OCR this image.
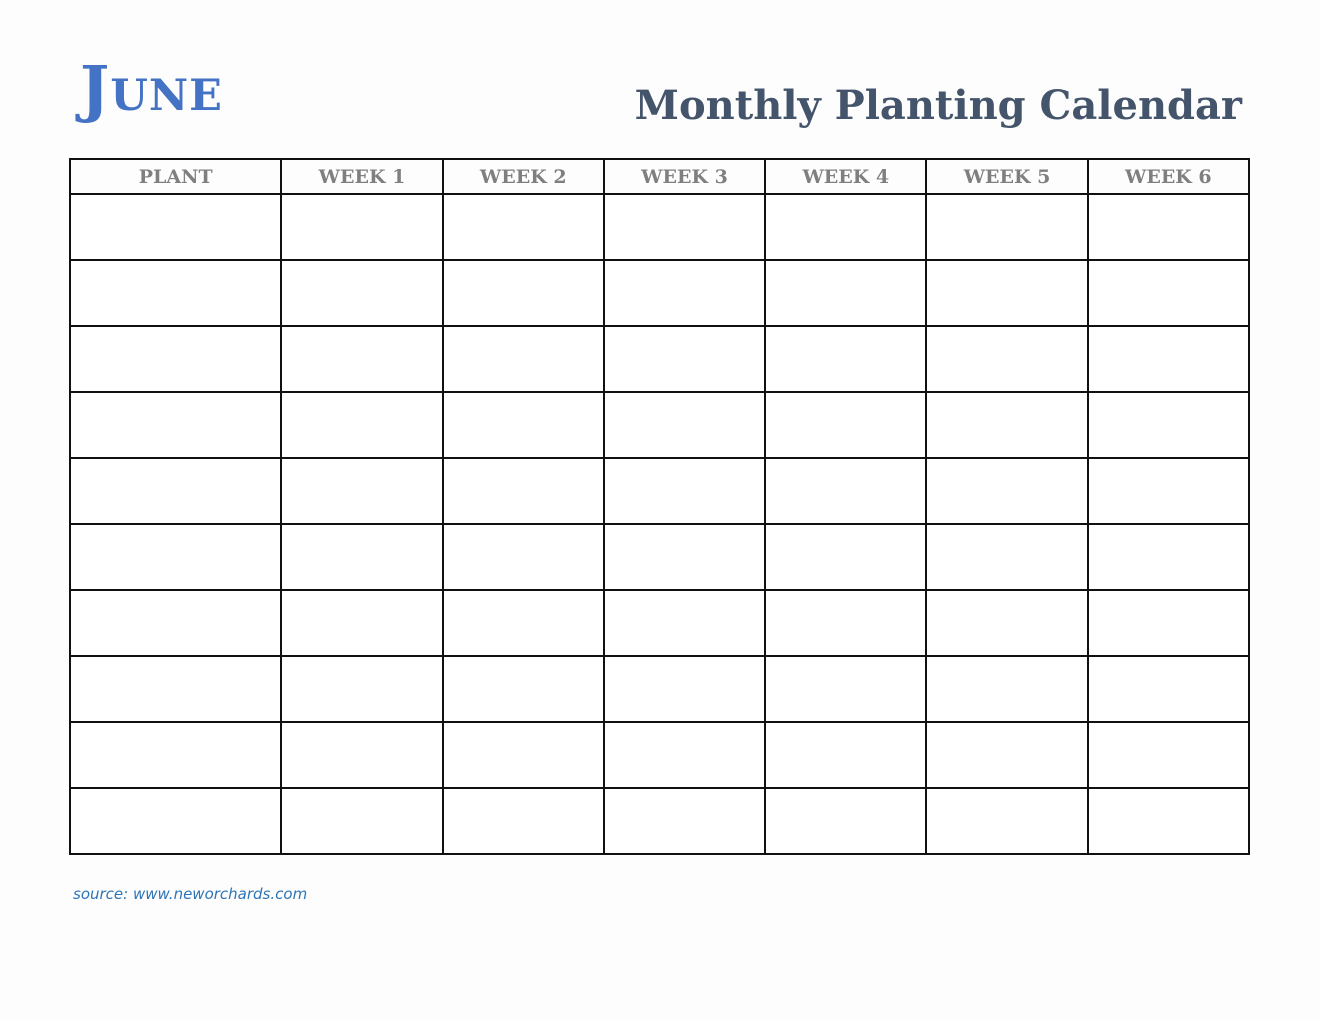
June	Monthly Planting Calendar
PLANT	WEEK 1	WEEK 2	WEEK 3	WEEK 4	WEEK 5	WEEK 6

source: www.neworchards.com
